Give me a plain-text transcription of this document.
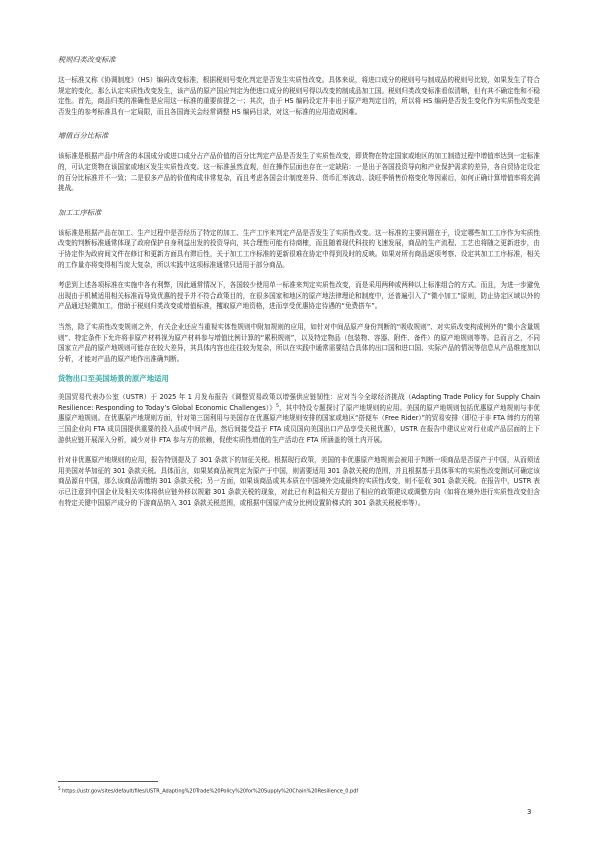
税则归类改变标准

这一标准又称《协调制度》（HS）编码改变标准，根据税则号变化判定是否发生实质性改变。具体来说，将进口成分的税则号与制成品的税则号比较，如果发生了符合规定的变化，那么认定实质性改变发生，该产品的原产国应判定为使进口成分的税则号得以改变的制成品加工国。税则归类改变标准看似清晰，但有其不确定性和不稳定性。首先，商品归类的准确性是应用这一标准的重要前提之一；其次，由于 HS 编码设定并非出于原产地判定目的，所以将 HS 编码是否发生变化作为实质性改变是否发生的参考标准具有一定局限，而且各国海关会经常调整 HS 编码目录，对这一标准的应用造成困难。

增值百分比标准

该标准是根据产品中所含的本国成分或进口成分占产品价值的百分比判定产品是否发生了实质性改变，即货物在特定国家或地区的加工制造过程中增值率达到一定标准的，可认定货物在该国家或地区发生实质性改变。这一标准虽然直观，但在操作层面也存在一定缺陷：一是出于各国投资导向和产业保护需求的差异，各自贸协定设定的百分比标准并不一致；二是很多产品的价值构成非常复杂，而且考虑各国会计制度差异、货币汇率波动、淡旺季销售价格变化等因素后，如何正确计算增值率将充满挑战。

加工工序标准

该标准是根据产品在加工、生产过程中是否经历了特定的加工、生产工序来判定产品是否发生了实质性改变。这一标准的主要问题在于，设定哪些加工工序作为实质性改变的判断标准通常体现了政府保护自身利益出发的投资导向，其合理性可能有待商榷，而且随着现代科技的飞速发展，商品的生产流程、工艺也将随之更新进步，由于协定作为政府间文件在修订和更新方面具有滞后性，关于加工工序标准的更新很难在协定中得到及时的反映。如果对所有商品逐项考察、设定其加工工序标准，相关的工作量亦将变得相当庞大复杂，所以实践中这项标准通常只适用于部分商品。

考虑到上述各项标准在实施中各有利弊，因此通常情况下，各国较少使用单一标准来判定实质性改变，而是采用两种或两种以上标准组合的方式。而且，为进一步避免出现由于机械适用相关标准而导致优惠的授予并不符合政策目的，在很多国家和地区的原产地法律理论和制度中，还普遍引入了“微小加工”原则，防止协定区域以外的产品通过轻微加工，借助于税则归类改变或增值标准，攫取原产地资格，进而享受优惠协定待遇的“免费搭车”。

当然，除了实质性改变规则之外，有关企业还应当重视实体性规则中附加规则的应用，如针对中间品原产身份判断的“吸收规则”、对实质改变构成例外的“微小含量规则”、特定条件下允许将非原产材料视为原产材料参与增值比例计算的“累积规则”，以及特定物品（包装物、容器、附件、备件）的原产地规则等等。总而言之，不同国家立产品的原产地规则可能存在较大差异，其具体内容也往往较为复杂，所以在实践中通常需要结合具体的出口国和进口国、实际产品的情况等信息从产品维度加以分析，才能对产品的原产地作出准确判断。

货物出口至美国场景的原产地适用

美国贸易代表办公室（USTR）于 2025 年 1 月发布报告《调整贸易政策以增强供应链韧性：应对当今全球经济挑战（Adapting Trade Policy for Supply Chain Resilience: Responding to Today’s Global Economic Challenges）》$^5$，其中特设专题探讨了原产地规则的应用。美国的原产地规则包括优惠原产地规则与非优惠原产地规则。在优惠原产地规则方面，针对第三国利用与美国存在优惠原产地规则安排的国家或地区“搭便车（Free Rider）”的贸易安排（即位于非 FTA 缔约方的第三国企业向 FTA 成员国提供重要的投入品或中间产品，然后间接受益于 FTA 成员国向美国出口产品享受关税优惠），USTR 在报告中建议应对行业或产品层面的上下游供应链开展深入分析，减少对非 FTA 参与方的依赖，促使实质性增值的生产活动在 FTA 所涵盖的领土内开展。

针对非优惠原产地规则的应用，报告特别提及了 301 条款下的加征关税。根据现行政策，美国的非优惠原产地规则会被用于判断一项商品是否原产于中国，从而须适用美国对华加征的 301 条款关税。具体而言，如果某商品被判定为原产于中国，则需要适用 301 条款关税的范围，并且根据基于具体事实的实质性改变测试可确定该商品源自中国，那么该商品需缴纳 301 条款关税；另一方面，如果该商品或其本质在中国境外完成最终的实质性改变，则不征收 301 条款关税。在报告中，USTR 表示已注意到中国企业及相关实体将供应链外移以规避 301 条款关税的现象，对此已有利益相关方提出了相应的政策建议或调整方向（如将在境外进行实质性改变但含有特定关键中国原产成分的下游商品纳入 301 条款关税范围，或根据中国原产成分比例设置阶梯式的 301 条款关税税率等）。

$^5$ https://ustr.gov/sites/default/files/USTR_Adapting%20Trade%20Policy%20for%20Supply%20Chain%20Resilience_0.pdf
3
